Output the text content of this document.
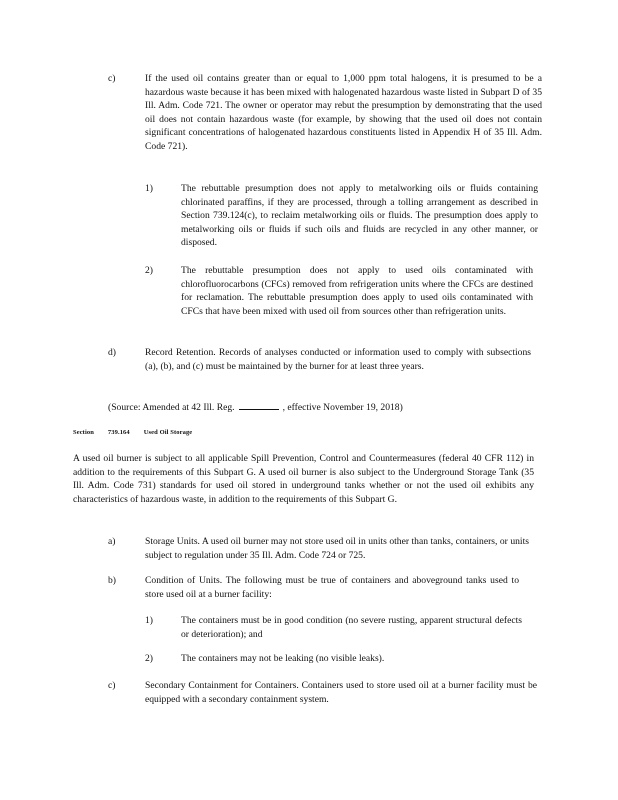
c)	If the used oil contains greater than or equal to 1,000 ppm total halogens, it is presumed to be a hazardous waste because it has been mixed with halogenated hazardous waste listed in Subpart D of 35 Ill. Adm. Code 721. The owner or operator may rebut the presumption by demonstrating that the used oil does not contain hazardous waste (for example, by showing that the used oil does not contain significant concentrations of halogenated hazardous constituents listed in Appendix H of 35 Ill. Adm. Code 721).
1)	The rebuttable presumption does not apply to metalworking oils or fluids containing chlorinated paraffins, if they are processed, through a tolling arrangement as described in Section 739.124(c), to reclaim metalworking oils or fluids. The presumption does apply to metalworking oils or fluids if such oils and fluids are recycled in any other manner, or disposed.
2)	The rebuttable presumption does not apply to used oils contaminated with chlorofluorocarbons (CFCs) removed from refrigeration units where the CFCs are destined for reclamation. The rebuttable presumption does apply to used oils contaminated with CFCs that have been mixed with used oil from sources other than refrigeration units.
d)	Record Retention. Records of analyses conducted or information used to comply with subsections (a), (b), and (c) must be maintained by the burner for at least three years.
(Source: Amended at 42 Ill. Reg.	, effective November 19, 2018)
Section 739.164 Used Oil Storage
A used oil burner is subject to all applicable Spill Prevention, Control and Countermeasures (federal 40 CFR 112) in addition to the requirements of this Subpart G. A used oil burner is also subject to the Underground Storage Tank (35 Ill. Adm. Code 731) standards for used oil stored in underground tanks whether or not the used oil exhibits any characteristics of hazardous waste, in addition to the requirements of this Subpart G.
a)	Storage Units. A used oil burner may not store used oil in units other than tanks, containers, or units subject to regulation under 35 Ill. Adm. Code 724 or 725.
b)	Condition of Units. The following must be true of containers and aboveground tanks used to store used oil at a burner facility:
1)	The containers must be in good condition (no severe rusting, apparent structural defects or deterioration); and
2)	The containers may not be leaking (no visible leaks).
c)	Secondary Containment for Containers. Containers used to store used oil at a burner facility must be equipped with a secondary containment system.
